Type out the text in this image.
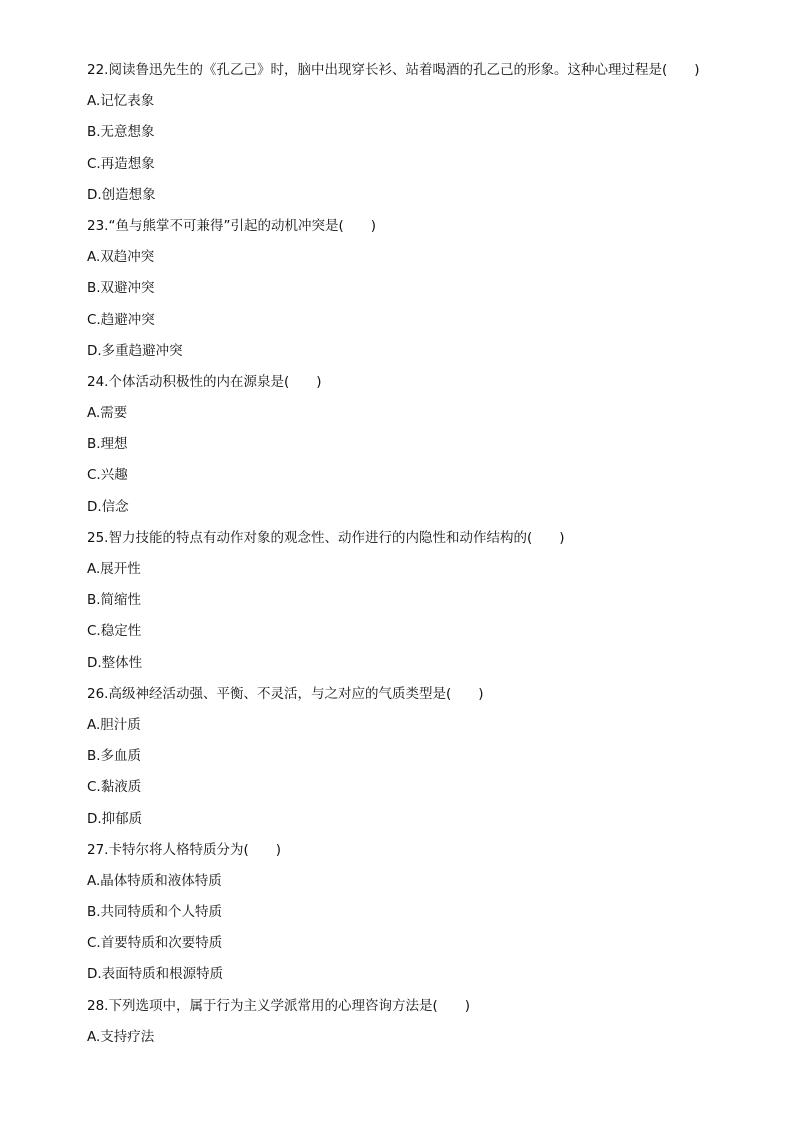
22.阅读鲁迅先生的《孔乙己》时，脑中出现穿长衫、站着喝酒的孔乙己的形象。这种心理过程是(　　)
A.记忆表象
B.无意想象
C.再造想象
D.创造想象
23.“鱼与熊掌不可兼得”引起的动机冲突是(　　)
A.双趋冲突
B.双避冲突
C.趋避冲突
D.多重趋避冲突
24.个体活动积极性的内在源泉是(　　)
A.需要
B.理想
C.兴趣
D.信念
25.智力技能的特点有动作对象的观念性、动作进行的内隐性和动作结构的(　　)
A.展开性
B.简缩性
C.稳定性
D.整体性
26.高级神经活动强、平衡、不灵活，与之对应的气质类型是(　　)
A.胆汁质
B.多血质
C.黏液质
D.抑郁质
27.卡特尔将人格特质分为(　　)
A.晶体特质和液体特质
B.共同特质和个人特质
C.首要特质和次要特质
D.表面特质和根源特质
28.下列选项中，属于行为主义学派常用的心理咨询方法是(　　)
A.支持疗法
